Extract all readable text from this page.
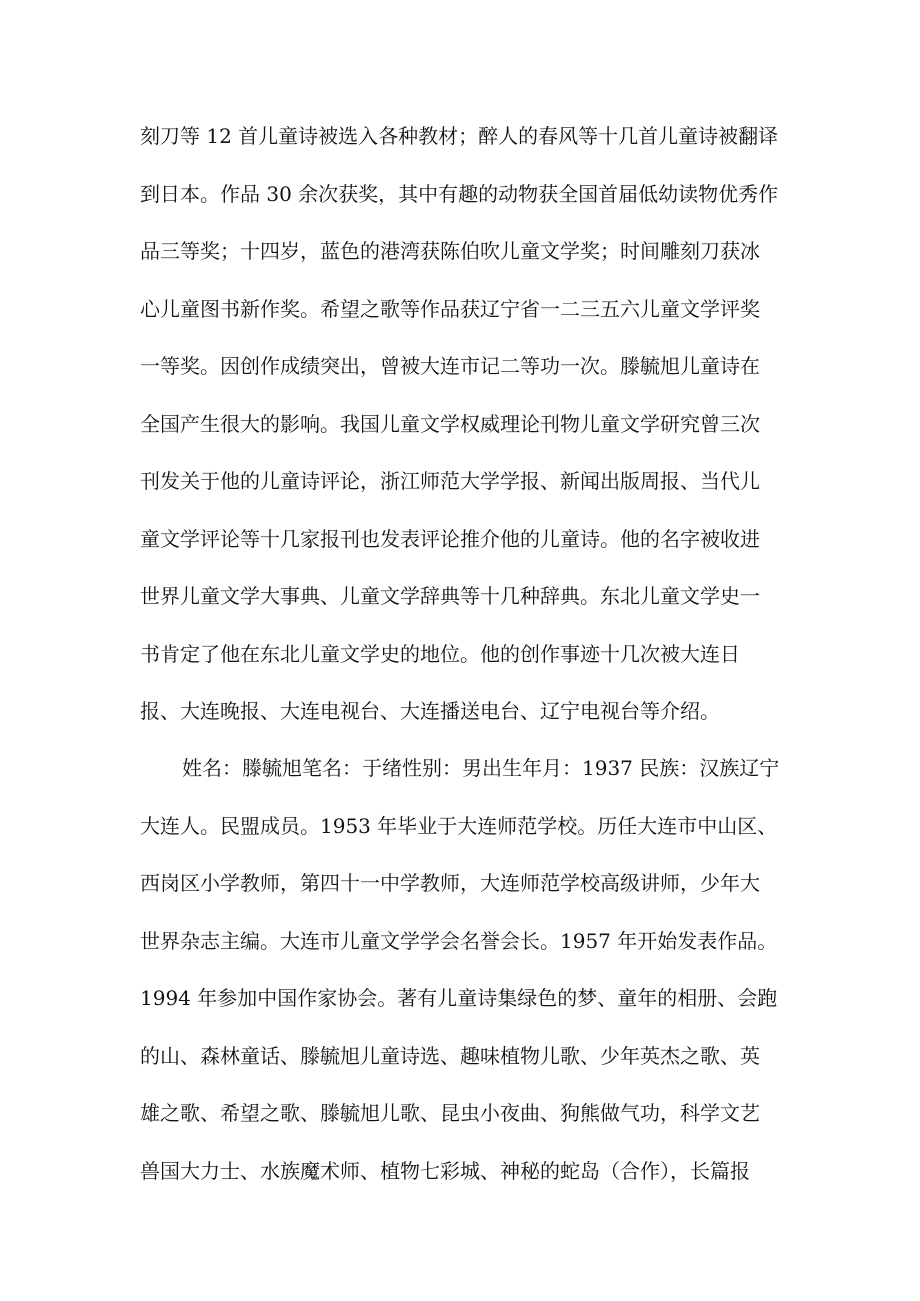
刻刀等 12 首儿童诗被选入各种教材；醉人的春风等十几首儿童诗被翻译
到日本。作品 30 余次获奖，其中有趣的动物获全国首届低幼读物优秀作
品三等奖；十四岁，蓝色的港湾获陈伯吹儿童文学奖；时间雕刻刀获冰
心儿童图书新作奖。希望之歌等作品获辽宁省一二三五六儿童文学评奖
一等奖。因创作成绩突出，曾被大连市记二等功一次。滕毓旭儿童诗在
全国产生很大的影响。我国儿童文学权威理论刊物儿童文学研究曾三次
刊发关于他的儿童诗评论，浙江师范大学学报、新闻出版周报、当代儿
童文学评论等十几家报刊也发表评论推介他的儿童诗。他的名字被收进
世界儿童文学大事典、儿童文学辞典等十几种辞典。东北儿童文学史一
书肯定了他在东北儿童文学史的地位。他的创作事迹十几次被大连日
报、大连晚报、大连电视台、大连播送电台、辽宁电视台等介绍。
姓名：滕毓旭笔名：于绪性别：男出生年月：1937 民族：汉族辽宁
大连人。民盟成员。1953 年毕业于大连师范学校。历任大连市中山区、
西岗区小学教师，第四十一中学教师，大连师范学校高级讲师，少年大
世界杂志主编。大连市儿童文学学会名誉会长。1957 年开始发表作品。
1994 年参加中国作家协会。著有儿童诗集绿色的梦、童年的相册、会跑
的山、森林童话、滕毓旭儿童诗选、趣味植物儿歌、少年英杰之歌、英
雄之歌、希望之歌、滕毓旭儿歌、昆虫小夜曲、狗熊做气功，科学文艺
兽国大力士、水族魔术师、植物七彩城、神秘的蛇岛（合作），长篇报
